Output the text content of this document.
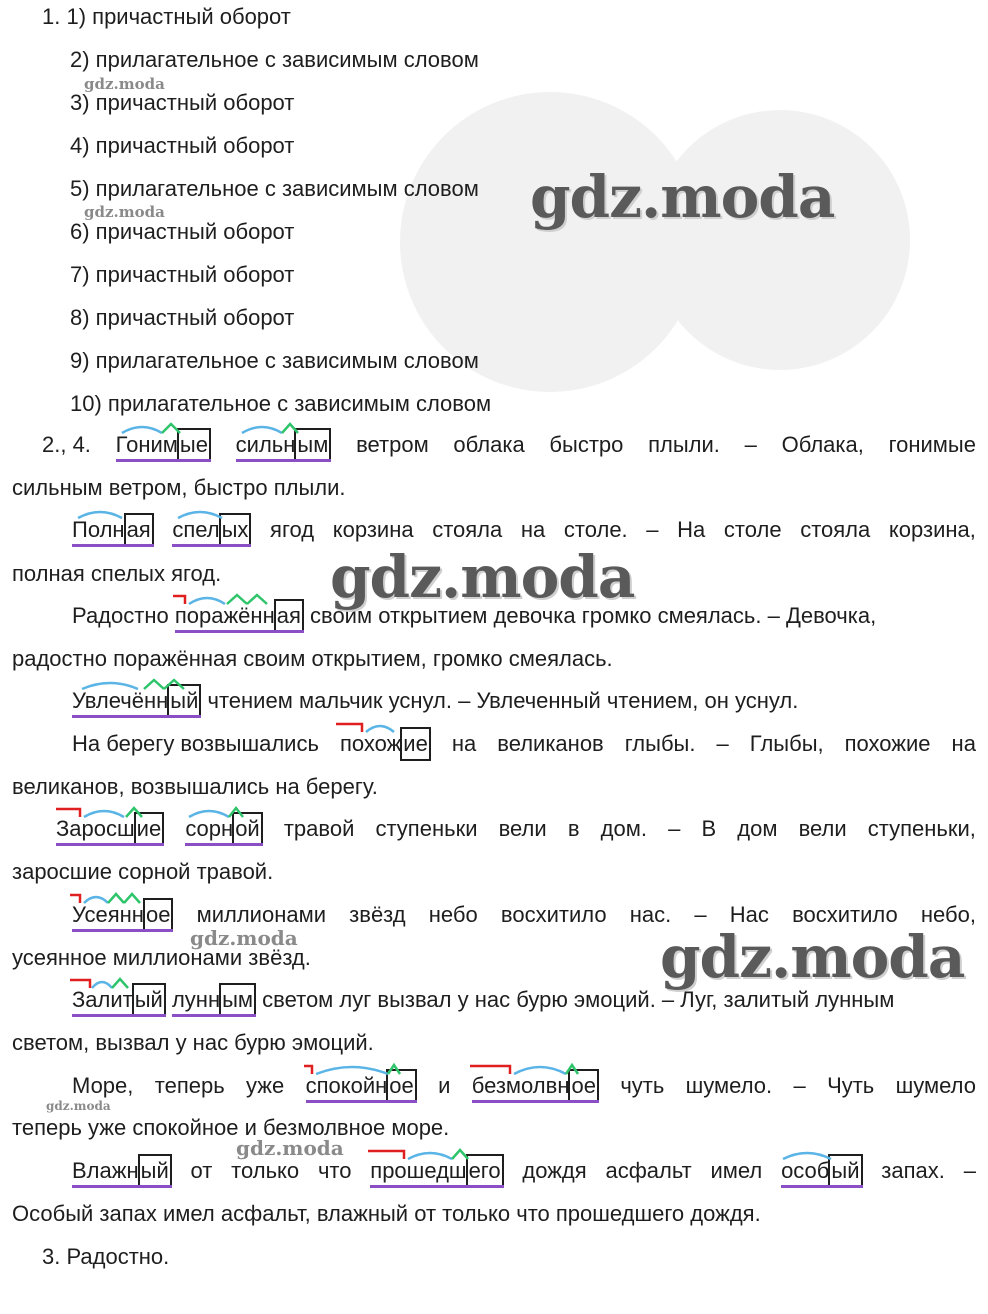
1. 1) причастный оборот
2) прилагательное с зависимым словом
3) причастный оборот
4) причастный оборот
5) прилагательное с зависимым словом
6) причастный оборот
7) причастный оборот
8) причастный оборот
9) прилагательное с зависимым словом
10) прилагательное с зависимым словом
2., 4. Гонимые сильным ветром облака быстро плыли. – Облака, гонимые
сильным ветром, быстро плыли.
Полная спелых ягод корзина стояла на столе. – На столе стояла корзина,
полная спелых ягод.
Радостно поражённая своим открытием девочка громко смеялась. – Девочка,
радостно поражённая своим открытием, громко смеялась.
Увлечённый чтением мальчик уснул. – Увлеченный чтением, он уснул.
На берегу возвышались похожие на великанов глыбы. – Глыбы, похожие на
великанов, возвышались на берегу.
Заросшие сорной травой ступеньки вели в дом. – В дом вели ступеньки,
заросшие сорной травой.
Усеянное миллионами звёзд небо восхитило нас. – Нас восхитило небо,
усеянное миллионами звёзд.
Залитый лунным светом луг вызвал у нас бурю эмоций. – Луг, залитый лунным
светом, вызвал у нас бурю эмоций.
Море, теперь уже спокойное и безмолвное чуть шумело. – Чуть шумело
теперь уже спокойное и безмолвное море.
Влажный от только что прошедшего дождя асфальт имел особый запах. –
Особый запах имел асфальт, влажный от только что прошедшего дождя.
3. Радостно.
gdz.moda
gdz.moda	gdz.moda
gdz.moda
gdz.moda
gdz.moda
gdz.moda
gdz.moda
